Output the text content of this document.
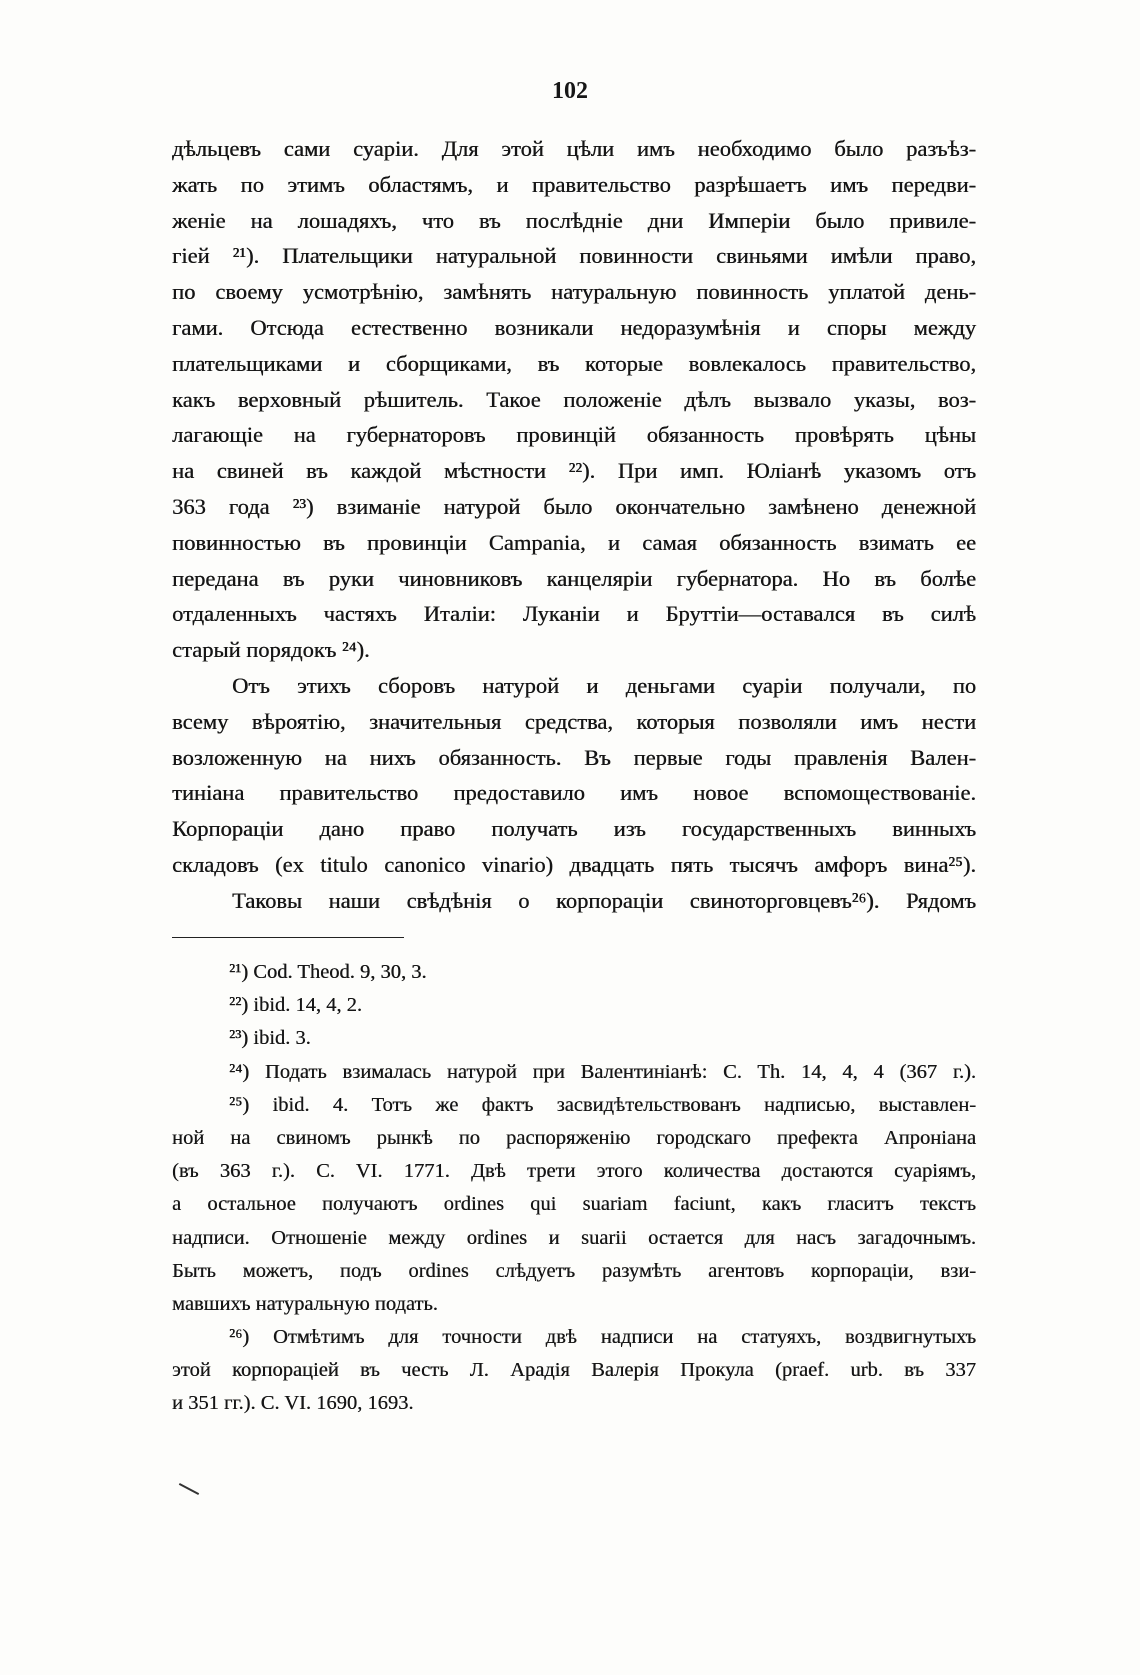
102
дѣльцевъ сами суаріи. Для этой цѣли имъ необходимо было разъѣз-
жать по этимъ областямъ, и правительство разрѣшаетъ имъ передви-
женіе на лошадяхъ, что въ послѣдніе дни Имперіи было привиле-
гіей ²¹). Плательщики натуральной повинности свиньями имѣли право,
по своему усмотрѣнію, замѣнять натуральную повинность уплатой день-
гами. Отсюда естественно возникали недоразумѣнія и споры между
плательщиками и сборщиками, въ которые вовлекалось правительство,
какъ верховный рѣшитель. Такое положеніе дѣлъ вызвало указы, воз-
лагающіе на губернаторовъ провинцій обязанность провѣрять цѣны
на свиней въ каждой мѣстности ²²). При имп. Юліанѣ указомъ отъ
363 года ²³) взиманіе натурой было окончательно замѣнено денежной
повинностью въ провинціи Campania, и самая обязанность взимать ее
передана въ руки чиновниковъ канцеляріи губернатора. Но въ болѣе
отдаленныхъ частяхъ Италіи: Луканіи и Бруттіи—оставался въ силѣ
старый порядокъ ²⁴).
Отъ этихъ сборовъ натурой и деньгами суаріи получали, по
всему вѣроятію, значительныя средства, которыя позволяли имъ нести
возложенную на нихъ обязанность. Въ первые годы правленія Вален-
тиніана правительство предоставило имъ новое вспомоществованіе.
Корпораціи дано право получать изъ государственныхъ винныхъ
складовъ (ex titulo canonico vinario) двадцать пять тысячъ амфоръ вина²⁵).
Таковы наши свѣдѣнія о корпораціи свиноторговцевъ²⁶). Рядомъ
²¹) Cod. Theod. 9, 30, 3.
²²) ibid. 14, 4, 2.
²³) ibid. 3.
²⁴) Подать взималась натурой при Валентиніанѣ: C. Th. 14, 4, 4 (367 г.).
²⁵) ibid. 4. Тотъ же фактъ засвидѣтельствованъ надписью, выставлен-
ной на свиномъ рынкѣ по распоряженію городскаго префекта Апроніана
(въ 363 г.). C. VI. 1771. Двѣ трети этого количества достаются суаріямъ,
а остальное получаютъ ordines qui suariam faciunt, какъ гласитъ текстъ
надписи. Отношеніе между ordines и suarii остается для насъ загадочнымъ.
Быть можетъ, подъ ordines слѣдуетъ разумѣть агентовъ корпораціи, взи-
мавшихъ натуральную подать.
²⁶) Отмѣтимъ для точности двѣ надписи на статуяхъ, воздвигнутыхъ
этой корпораціей въ честь Л. Арадія Валерія Прокула (praef. urb. въ 337
и 351 гг.). C. VI. 1690, 1693.
